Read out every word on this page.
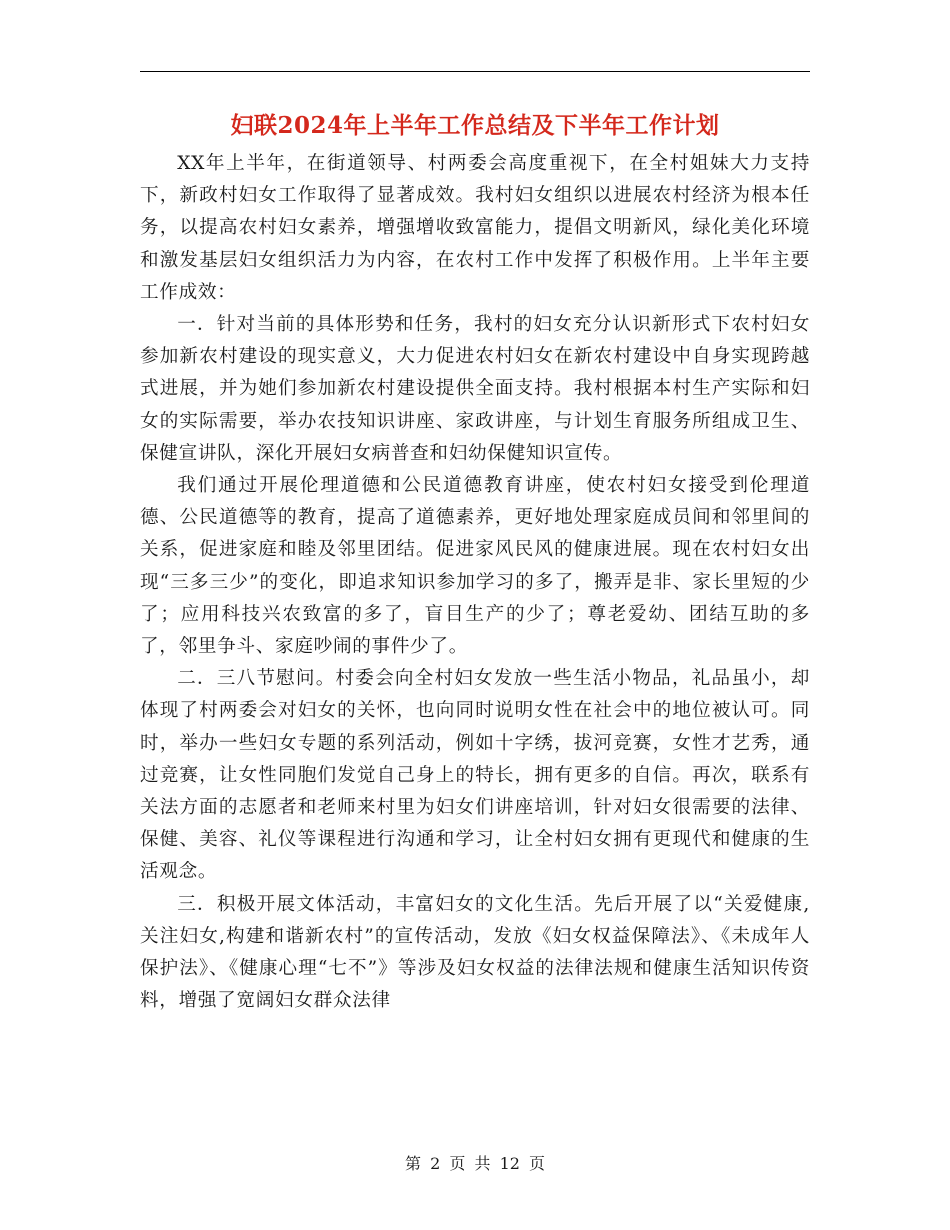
妇联2024年上半年工作总结及下半年工作计划

XX年上半年，在街道领导、村两委会高度重视下，在全村姐妹大力支持下，新政村妇女工作取得了显著成效。我村妇女组织以进展农村经济为根本任务，以提高农村妇女素养，增强增收致富能力，提倡文明新风，绿化美化环境和激发基层妇女组织活力为内容，在农村工作中发挥了积极作用。上半年主要工作成效：

一．针对当前的具体形势和任务，我村的妇女充分认识新形式下农村妇女参加新农村建设的现实意义，大力促进农村妇女在新农村建设中自身实现跨越式进展，并为她们参加新农村建设提供全面支持。我村根据本村生产实际和妇女的实际需要，举办农技知识讲座、家政讲座，与计划生育服务所组成卫生、保健宣讲队，深化开展妇女病普查和妇幼保健知识宣传。

我们通过开展伦理道德和公民道德教育讲座，使农村妇女接受到伦理道德、公民道德等的教育，提高了道德素养，更好地处理家庭成员间和邻里间的关系，促进家庭和睦及邻里团结。促进家风民风的健康进展。现在农村妇女出现“三多三少”的变化，即追求知识参加学习的多了，搬弄是非、家长里短的少了；应用科技兴农致富的多了，盲目生产的少了；尊老爱幼、团结互助的多了，邻里争斗、家庭吵闹的事件少了。

二．三八节慰问。村委会向全村妇女发放一些生活小物品，礼品虽小，却体现了村两委会对妇女的关怀，也向同时说明女性在社会中的地位被认可。同时，举办一些妇女专题的系列活动，例如十字绣，拔河竞赛，女性才艺秀，通过竞赛，让女性同胞们发觉自己身上的特长，拥有更多的自信。再次，联系有关法方面的志愿者和老师来村里为妇女们讲座培训，针对妇女很需要的法律、保健、美容、礼仪等课程进行沟通和学习，让全村妇女拥有更现代和健康的生活观念。

三．积极开展文体活动，丰富妇女的文化生活。先后开展了以“关爱健康,关注妇女,构建和谐新农村”的宣传活动，发放《妇女权益保障法》、《未成年人保护法》、《健康心理“七不”》等涉及妇女权益的法律法规和健康生活知识传资料，增强了宽阔妇女群众法律

第 2 页 共 12 页
